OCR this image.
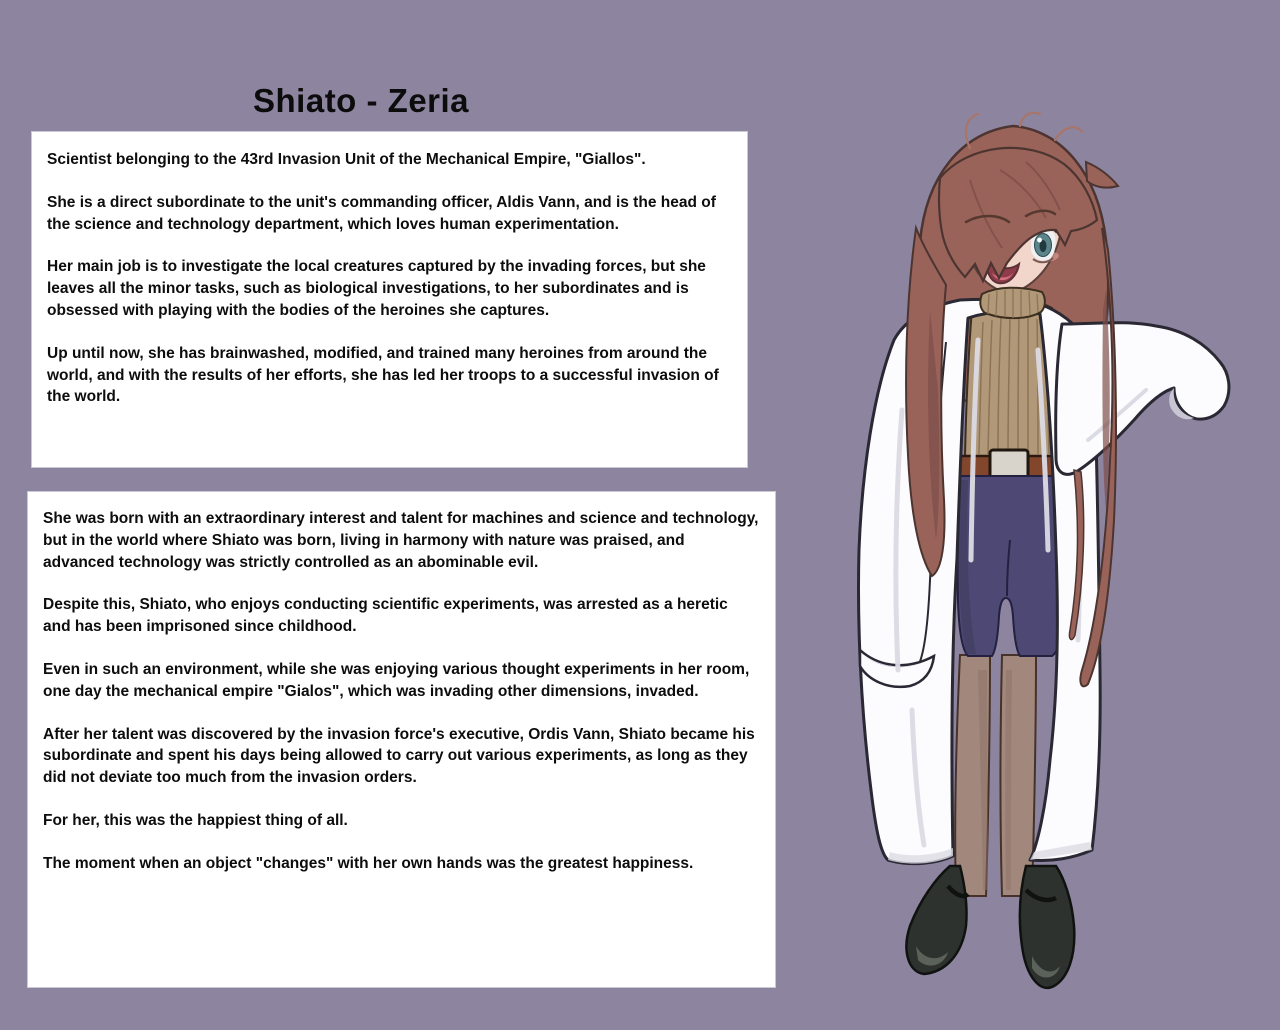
Shiato - Zeria

Scientist belonging to the 43rd Invasion Unit of the Mechanical Empire, "Giallos".

She is a direct subordinate to the unit's commanding officer, Aldis Vann, and is the head of the science and technology department, which loves human experimentation.

Her main job is to investigate the local creatures captured by the invading forces, but she leaves all the minor tasks, such as biological investigations, to her subordinates and is obsessed with playing with the bodies of the heroines she captures.

Up until now, she has brainwashed, modified, and trained many heroines from around the world, and with the results of her efforts, she has led her troops to a successful invasion of the world.

She was born with an extraordinary interest and talent for machines and science and technology, but in the world where Shiato was born, living in harmony with nature was praised, and advanced technology was strictly controlled as an abominable evil.

Despite this, Shiato, who enjoys conducting scientific experiments, was arrested as a heretic and has been imprisoned since childhood.

Even in such an environment, while she was enjoying various thought experiments in her room, one day the mechanical empire "Gialos", which was invading other dimensions, invaded.

After her talent was discovered by the invasion force's executive, Ordis Vann, Shiato became his subordinate and spent his days being allowed to carry out various experiments, as long as they did not deviate too much from the invasion orders.

For her, this was the happiest thing of all.

The moment when an object "changes" with her own hands was the greatest happiness.
